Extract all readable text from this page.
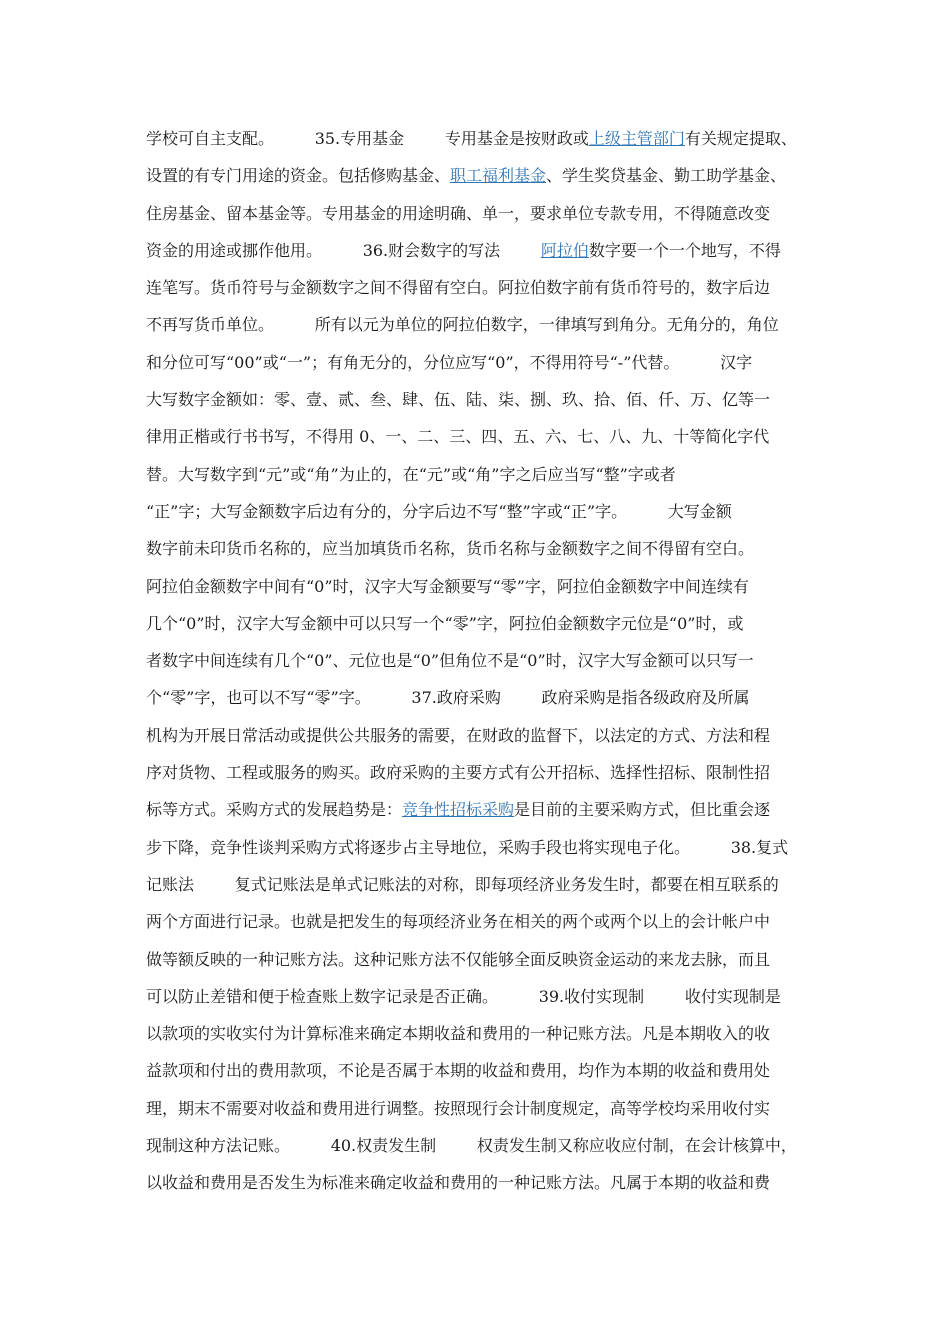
学校可自主支配。        35.专用基金        专用基金是按财政或上级主管部门有关规定提取、
设置的有专门用途的资金。包括修购基金、职工福利基金、学生奖贷基金、勤工助学基金、
住房基金、留本基金等。专用基金的用途明确、单一，要求单位专款专用，不得随意改变
资金的用途或挪作他用。        36.财会数字的写法        阿拉伯数字要一个一个地写，不得
连笔写。货币符号与金额数字之间不得留有空白。阿拉伯数字前有货币符号的，数字后边
不再写货币单位。        所有以元为单位的阿拉伯数字，一律填写到角分。无角分的，角位
和分位可写“00”或“一”；有角无分的，分位应写“0”，不得用符号“-”代替。        汉字
大写数字金额如：零、壹、贰、叁、肆、伍、陆、柒、捌、玖、拾、佰、仟、万、亿等一
律用正楷或行书书写，不得用 0、一、二、三、四、五、六、七、八、九、十等简化字代
替。大写数字到“元”或“角”为止的，在“元”或“角”字之后应当写“整”字或者
“正”字；大写金额数字后边有分的，分字后边不写“整”字或“正”字。        大写金额
数字前未印货币名称的，应当加填货币名称，货币名称与金额数字之间不得留有空白。
阿拉伯金额数字中间有“0”时，汉字大写金额要写“零”字，阿拉伯金额数字中间连续有
几个“0”时，汉字大写金额中可以只写一个“零”字，阿拉伯金额数字元位是“0”时，或
者数字中间连续有几个“0”、元位也是“0”但角位不是“0”时，汉字大写金额可以只写一
个“零”字，也可以不写“零”字。        37.政府采购        政府采购是指各级政府及所属
机构为开展日常活动或提供公共服务的需要，在财政的监督下，以法定的方式、方法和程
序对货物、工程或服务的购买。政府采购的主要方式有公开招标、选择性招标、限制性招
标等方式。采购方式的发展趋势是：竞争性招标采购是目前的主要采购方式，但比重会逐
步下降，竞争性谈判采购方式将逐步占主导地位，采购手段也将实现电子化。        38.复式
记账法        复式记账法是单式记账法的对称，即每项经济业务发生时，都要在相互联系的
两个方面进行记录。也就是把发生的每项经济业务在相关的两个或两个以上的会计帐户中
做等额反映的一种记账方法。这种记账方法不仅能够全面反映资金运动的来龙去脉，而且
可以防止差错和便于检查账上数字记录是否正确。        39.收付实现制        收付实现制是
以款项的实收实付为计算标准来确定本期收益和费用的一种记账方法。凡是本期收入的收
益款项和付出的费用款项，不论是否属于本期的收益和费用，均作为本期的收益和费用处
理，期末不需要对收益和费用进行调整。按照现行会计制度规定，高等学校均采用收付实
现制这种方法记账。        40.权责发生制        权责发生制又称应收应付制，在会计核算中，
以收益和费用是否发生为标准来确定收益和费用的一种记账方法。凡属于本期的收益和费
